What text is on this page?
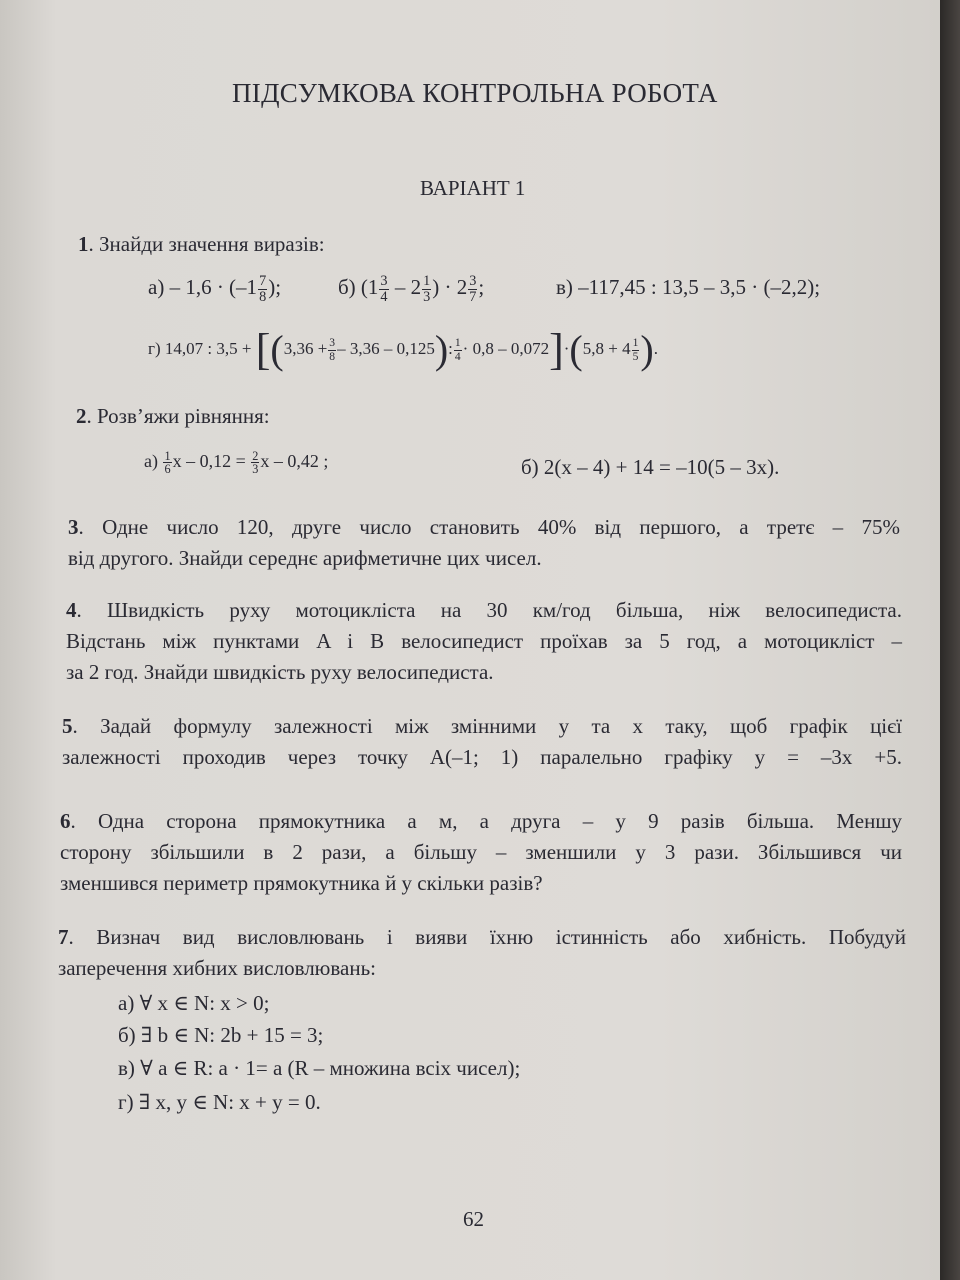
ПІДСУМКОВА КОНТРОЛЬНА РОБОТА
ВАРІАНТ 1
1. Знайди значення виразів:
$а) - 1,6 \cdot (-1 \frac{7}{8}$ );	б) ($1 \frac{3}{4} - 2 \frac{1}{3}$ ) · $2 \frac{3}{7}$ ;	в) –117,45 : 13,5 – 3,5 · (–2,2);
г) 14,07 : $3,5 + [(3,36 + \frac{3}{8} - 3,36 - 0,125)$: $\frac{1}{4} \cdot 0,8 - 0,072]\cdot(5,8 + 4 \frac{1}{5}$ ).
2. Розв’яжи рівняння:
$а) \frac{1}{6}$ $x - 0,12 = \frac{2}{3}$ x – 0,42 ;	б) 2(x – 4) + 14 = –10(5 – 3x).
3. Одне число 120, друге число становить 40% від першого, а третє – 75%
від другого. Знайди середнє арифметичне цих чисел.
4. Швидкість руху мотоцикліста на 30 км/год більша, ніж велосипедиста.
Відстань між пунктами A і B велосипедист проїхав за 5 год, а мотоцикліст –
за 2 год. Знайди швидкість руху велосипедиста.
5. Задай формулу залежності між змінними y та x таку, щоб графік цієї
залежності проходив через точку A(–1; 1) паралельно графіку y = –3x +5.
6. Одна сторона прямокутника a м, а друга – у 9 разів більша. Меншу
сторону збільшили в 2 рази, а більшу – зменшили у 3 рази. Збільшився чи
зменшився периметр прямокутника й у скільки разів?
7. Визнач вид висловлювань і вияви їхню істинність або хибність. Побудуй
заперечення хибних висловлювань:
а) ∀ x ∈ N: x > 0;
б) ∃ b ∈ N: 2b + 15 = 3;
в) ∀ a ∈ R: a · 1= a (R – множина всіх чисел);
г) ∃ x, y ∈ N: x + y = 0.
62
